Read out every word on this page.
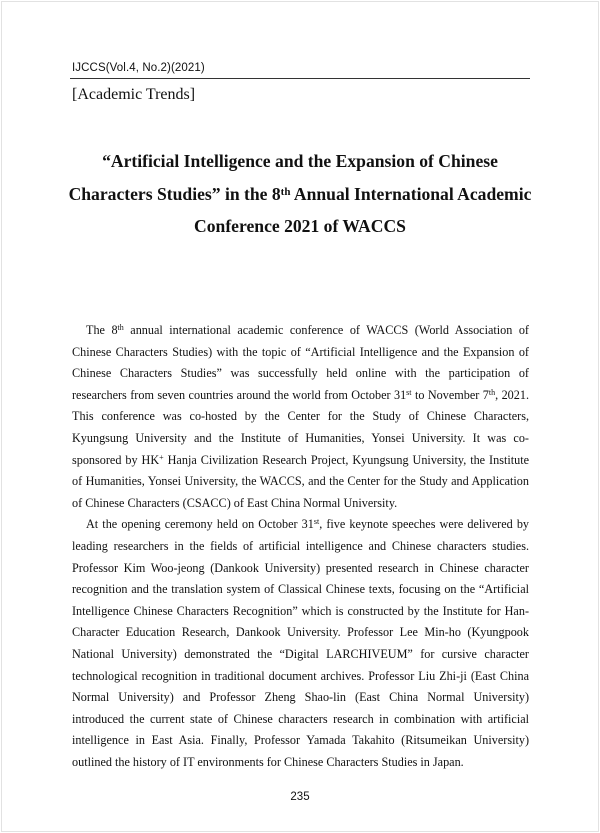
IJCCS(Vol.4, No.2)(2021)
[Academic Trends]
“Artificial Intelligence and the Expansion of Chinese Characters Studies” in the 8th Annual International Academic Conference 2021 of WACCS

The 8th annual international academic conference of WACCS (World Association of Chinese Characters Studies) with the topic of “Artificial Intelligence and the Expansion of Chinese Characters Studies” was successfully held online with the participation of researchers from seven countries around the world from October 31st to November 7th, 2021. This conference was co-hosted by the Center for the Study of Chinese Characters, Kyungsung University and the Institute of Humanities, Yonsei University. It was co-sponsored by HK+ Hanja Civilization Research Project, Kyungsung University, the Institute of Humanities, Yonsei University, the WACCS, and the Center for the Study and Application of Chinese Characters (CSACC) of East China Normal University.

At the opening ceremony held on October 31st, five keynote speeches were delivered by leading researchers in the fields of artificial intelligence and Chinese characters studies. Professor Kim Woo-jeong (Dankook University) presented research in Chinese character recognition and the translation system of Classical Chinese texts, focusing on the “Artificial Intelligence Chinese Characters Recognition” which is constructed by the Institute for Han-Character Education Research, Dankook University. Professor Lee Min-ho (Kyungpook National University) demonstrated the “Digital LARCHIVEUM” for cursive character technological recognition in traditional document archives. Professor Liu Zhi-ji (East China Normal University) and Professor Zheng Shao-lin (East China Normal University) introduced the current state of Chinese characters research in combination with artificial intelligence in East Asia. Finally, Professor Yamada Takahito (Ritsumeikan University) outlined the history of IT environments for Chinese Characters Studies in Japan.

235
